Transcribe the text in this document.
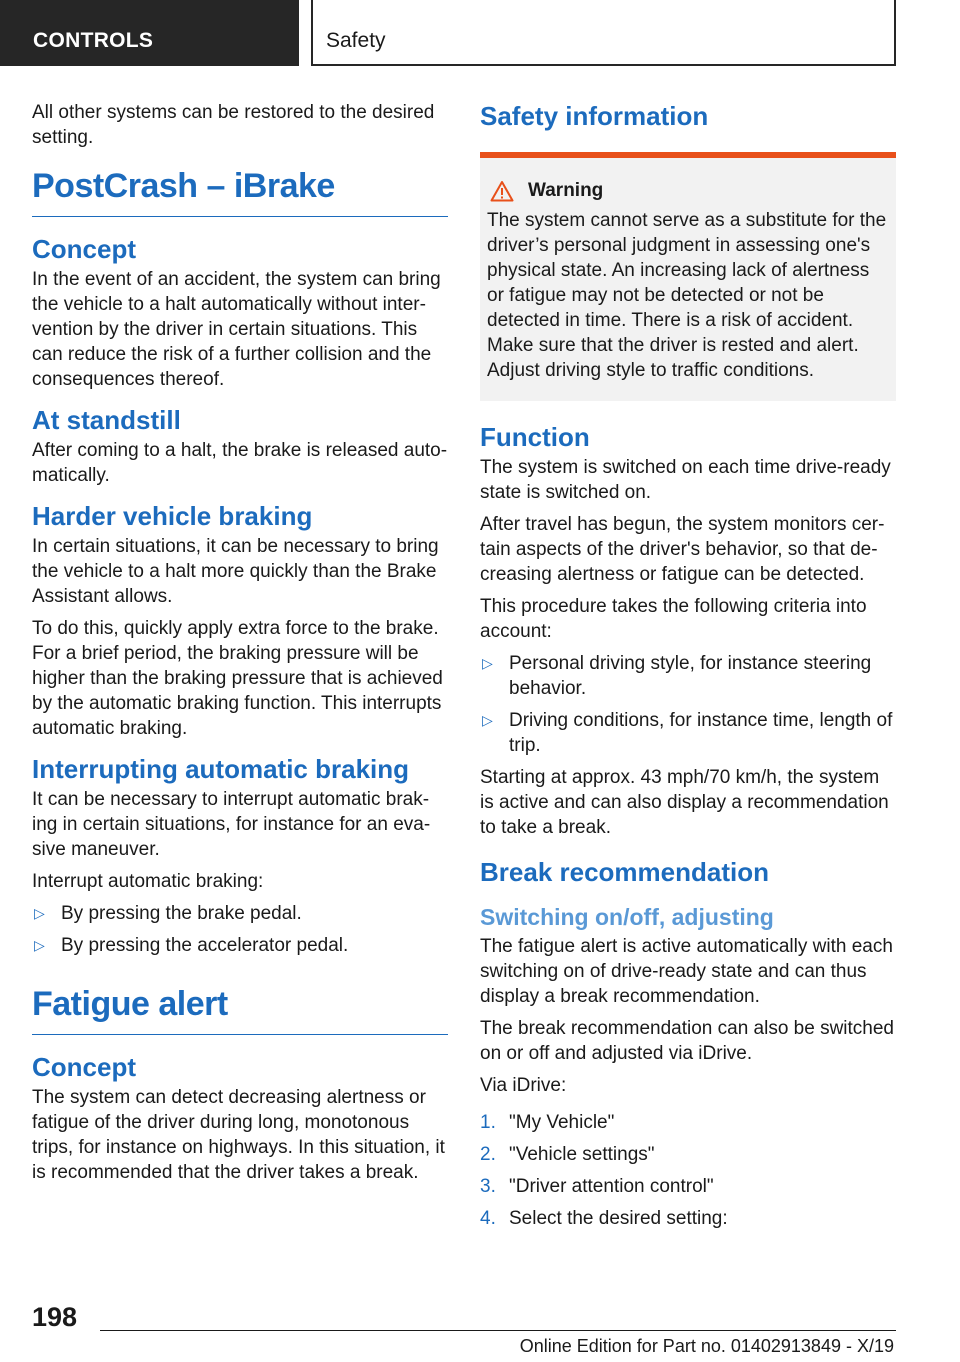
CONTROLS	Safety

All other systems can be restored to the desired setting.

PostCrash – iBrake
Concept

In the event of an accident, the system can bring the vehicle to a halt automatically without intervention by the driver in certain situations. This can reduce the risk of a further collision and the consequences thereof.

At standstill

After coming to a halt, the brake is released automatically.

Harder vehicle braking

In certain situations, it can be necessary to bring the vehicle to a halt more quickly than the Brake Assistant allows.

To do this, quickly apply extra force to the brake. For a brief period, the braking pressure will be higher than the braking pressure that is achieved by the automatic braking function. This interrupts automatic braking.

Interrupting automatic braking

It can be necessary to interrupt automatic braking in certain situations, for instance for an evasive maneuver.

Interrupt automatic braking:

▷ By pressing the brake pedal.
▷ By pressing the accelerator pedal.
Fatigue alert
Concept

The system can detect decreasing alertness or fatigue of the driver during long, monotonous trips, for instance on highways. In this situation, it is recommended that the driver takes a break.

Safety information
Warning

The system cannot serve as a substitute for the driver’s personal judgment in assessing one's physical state. An increasing lack of alertness or fatigue may not be detected or not be detected in time. There is a risk of accident. Make sure that the driver is rested and alert. Adjust driving style to traffic conditions.

Function

The system is switched on each time drive-ready state is switched on.

After travel has begun, the system monitors certain aspects of the driver's behavior, so that decreasing alertness or fatigue can be detected.

This procedure takes the following criteria into account:

▷ Personal driving style, for instance steering behavior.
▷ Driving conditions, for instance time, length of trip.

Starting at approx. 43 mph/70 km/h, the system is active and can also display a recommendation to take a break.

Break recommendation
Switching on/off, adjusting

The fatigue alert is active automatically with each switching on of drive-ready state and can thus display a break recommendation.

The break recommendation can also be switched on or off and adjusted via iDrive.

Via iDrive:

1. "My Vehicle"
2. "Vehicle settings"
3. "Driver attention control"
4. Select the desired setting:
198
Online Edition for Part no. 01402913849 - X/19
